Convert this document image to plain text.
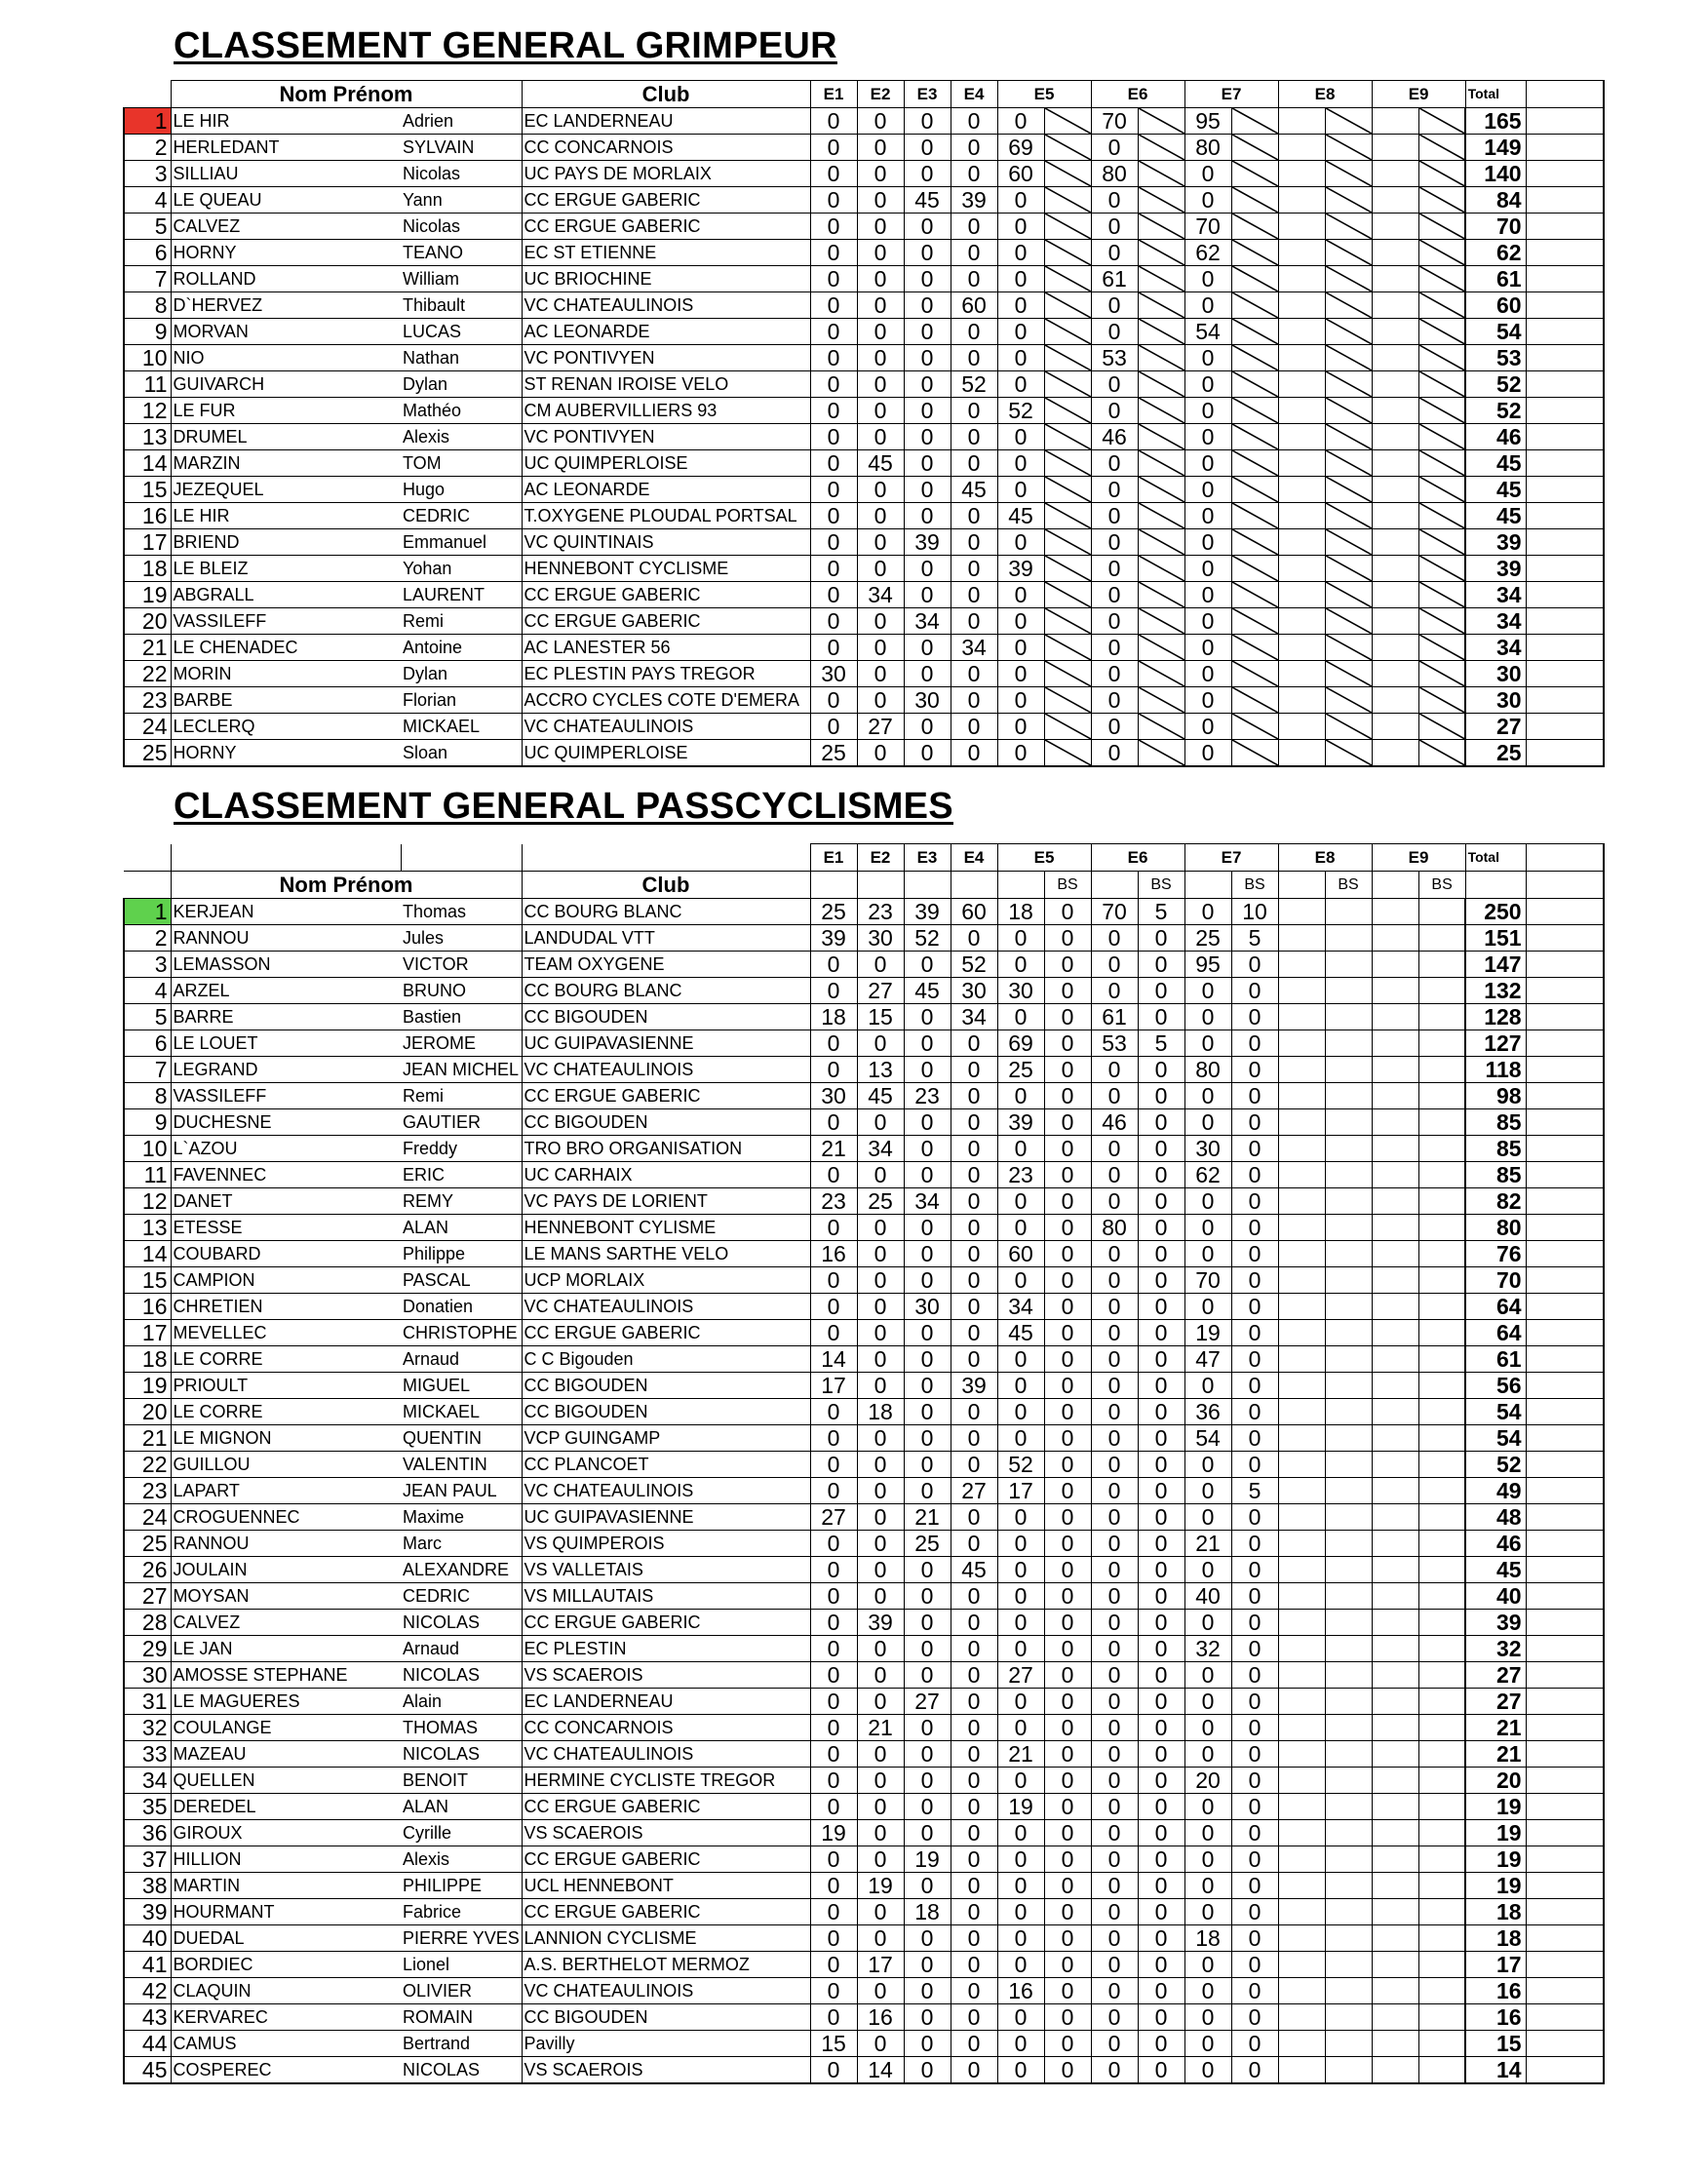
CLASSEMENT GENERAL GRIMPEUR
	Nom Prénom		Club	E1	E2	E3	E4	E5		E6		E7		E8		E9		Total	
1	LE HIR	Adrien	EC LANDERNEAU	0	0	0	0	0		70		95						165	
2	HERLEDANT	SYLVAIN	CC CONCARNOIS	0	0	0	0	69		0		80						149	
3	SILLIAU	Nicolas	UC PAYS DE MORLAIX	0	0	0	0	60		80		0						140	
4	LE QUEAU	Yann	CC ERGUE GABERIC	0	0	45	39	0		0		0						84	
5	CALVEZ	Nicolas	CC ERGUE GABERIC	0	0	0	0	0		0		70						70	
6	HORNY	TEANO	EC ST ETIENNE	0	0	0	0	0		0		62						62	
7	ROLLAND	William	UC BRIOCHINE	0	0	0	0	0		61		0						61	
8	D`HERVEZ	Thibault	VC CHATEAULINOIS	0	0	0	60	0		0		0						60	
9	MORVAN	LUCAS	AC LEONARDE	0	0	0	0	0		0		54						54	
10	NIO	Nathan	VC PONTIVYEN	0	0	0	0	0		53		0						53	
11	GUIVARCH	Dylan	ST RENAN IROISE VELO	0	0	0	52	0		0		0						52	
12	LE FUR	Mathéo	CM AUBERVILLIERS 93	0	0	0	0	52		0		0						52	
13	DRUMEL	Alexis	VC PONTIVYEN	0	0	0	0	0		46		0						46	
14	MARZIN	TOM	UC QUIMPERLOISE	0	45	0	0	0		0		0						45	
15	JEZEQUEL	Hugo	AC LEONARDE	0	0	0	45	0		0		0						45	
16	LE HIR	CEDRIC	T.OXYGENE PLOUDAL PORTSAL	0	0	0	0	45		0		0						45	
17	BRIEND	Emmanuel	VC QUINTINAIS	0	0	39	0	0		0		0						39	
18	LE BLEIZ	Yohan	HENNEBONT CYCLISME	0	0	0	0	39		0		0						39	
19	ABGRALL	LAURENT	CC ERGUE GABERIC	0	34	0	0	0		0		0						34	
20	VASSILEFF	Remi	CC ERGUE GABERIC	0	0	34	0	0		0		0						34	
21	LE CHENADEC	Antoine	AC LANESTER 56	0	0	0	34	0		0		0						34	
22	MORIN	Dylan	EC PLESTIN PAYS TREGOR	30	0	0	0	0		0		0						30	
23	BARBE	Florian	ACCRO CYCLES COTE D'EMERA	0	0	30	0	0		0		0						30	
24	LECLERQ	MICKAEL	VC CHATEAULINOIS	0	27	0	0	0		0		0						27	
25	HORNY	Sloan	UC QUIMPERLOISE	25	0	0	0	0		0		0						25	
CLASSEMENT GENERAL PASSCYCLISMES
				E1	E2	E3	E4	E5		E6		E7		E8		E9		Total	
	Nom Prénom		Club						BS		BS		BS		BS		BS		
1	KERJEAN	Thomas	CC BOURG BLANC	25	23	39	60	18	0	70	5	0	10					250	
2	RANNOU	Jules	LANDUDAL VTT	39	30	52	0	0	0	0	0	25	5					151	
3	LEMASSON	VICTOR	TEAM OXYGENE	0	0	0	52	0	0	0	0	95	0					147	
4	ARZEL	BRUNO	CC BOURG BLANC	0	27	45	30	30	0	0	0	0	0					132	
5	BARRE	Bastien	CC BIGOUDEN	18	15	0	34	0	0	61	0	0	0					128	
6	LE LOUET	JEROME	UC GUIPAVASIENNE	0	0	0	0	69	0	53	5	0	0					127	
7	LEGRAND	JEAN MICHEL	VC CHATEAULINOIS	0	13	0	0	25	0	0	0	80	0					118	
8	VASSILEFF	Remi	CC ERGUE GABERIC	30	45	23	0	0	0	0	0	0	0					98	
9	DUCHESNE	GAUTIER	CC BIGOUDEN	0	0	0	0	39	0	46	0	0	0					85	
10	L`AZOU	Freddy	TRO BRO ORGANISATION	21	34	0	0	0	0	0	0	30	0					85	
11	FAVENNEC	ERIC	UC CARHAIX	0	0	0	0	23	0	0	0	62	0					85	
12	DANET	REMY	VC PAYS DE LORIENT	23	25	34	0	0	0	0	0	0	0					82	
13	ETESSE	ALAN	HENNEBONT CYLISME	0	0	0	0	0	0	80	0	0	0					80	
14	COUBARD	Philippe	LE MANS SARTHE VELO	16	0	0	0	60	0	0	0	0	0					76	
15	CAMPION	PASCAL	UCP MORLAIX	0	0	0	0	0	0	0	0	70	0					70	
16	CHRETIEN	Donatien	VC CHATEAULINOIS	0	0	30	0	34	0	0	0	0	0					64	
17	MEVELLEC	CHRISTOPHE	CC ERGUE GABERIC	0	0	0	0	45	0	0	0	19	0					64	
18	LE CORRE	Arnaud	C C Bigouden	14	0	0	0	0	0	0	0	47	0					61	
19	PRIOULT	MIGUEL	CC BIGOUDEN	17	0	0	39	0	0	0	0	0	0					56	
20	LE CORRE	MICKAEL	CC BIGOUDEN	0	18	0	0	0	0	0	0	36	0					54	
21	LE MIGNON	QUENTIN	VCP GUINGAMP	0	0	0	0	0	0	0	0	54	0					54	
22	GUILLOU	VALENTIN	CC PLANCOET	0	0	0	0	52	0	0	0	0	0					52	
23	LAPART	JEAN PAUL	VC CHATEAULINOIS	0	0	0	27	17	0	0	0	0	5					49	
24	CROGUENNEC	Maxime	UC GUIPAVASIENNE	27	0	21	0	0	0	0	0	0	0					48	
25	RANNOU	Marc	VS QUIMPEROIS	0	0	25	0	0	0	0	0	21	0					46	
26	JOULAIN	ALEXANDRE	VS VALLETAIS	0	0	0	45	0	0	0	0	0	0					45	
27	MOYSAN	CEDRIC	VS MILLAUTAIS	0	0	0	0	0	0	0	0	40	0					40	
28	CALVEZ	NICOLAS	CC ERGUE GABERIC	0	39	0	0	0	0	0	0	0	0					39	
29	LE JAN	Arnaud	EC PLESTIN	0	0	0	0	0	0	0	0	32	0					32	
30	AMOSSE STEPHANE	NICOLAS	VS SCAEROIS	0	0	0	0	27	0	0	0	0	0					27	
31	LE MAGUERES	Alain	EC LANDERNEAU	0	0	27	0	0	0	0	0	0	0					27	
32	COULANGE	THOMAS	CC CONCARNOIS	0	21	0	0	0	0	0	0	0	0					21	
33	MAZEAU	NICOLAS	VC CHATEAULINOIS	0	0	0	0	21	0	0	0	0	0					21	
34	QUELLEN	BENOIT	HERMINE CYCLISTE TREGOR	0	0	0	0	0	0	0	0	20	0					20	
35	DEREDEL	ALAN	CC ERGUE GABERIC	0	0	0	0	19	0	0	0	0	0					19	
36	GIROUX	Cyrille	VS SCAEROIS	19	0	0	0	0	0	0	0	0	0					19	
37	HILLION	Alexis	CC ERGUE GABERIC	0	0	19	0	0	0	0	0	0	0					19	
38	MARTIN	PHILIPPE	UCL HENNEBONT	0	19	0	0	0	0	0	0	0	0					19	
39	HOURMANT	Fabrice	CC ERGUE GABERIC	0	0	18	0	0	0	0	0	0	0					18	
40	DUEDAL	PIERRE YVES	LANNION CYCLISME	0	0	0	0	0	0	0	0	18	0					18	
41	BORDIEC	Lionel	A.S. BERTHELOT MERMOZ	0	17	0	0	0	0	0	0	0	0					17	
42	CLAQUIN	OLIVIER	VC CHATEAULINOIS	0	0	0	0	16	0	0	0	0	0					16	
43	KERVAREC	ROMAIN	CC BIGOUDEN	0	16	0	0	0	0	0	0	0	0					16	
44	CAMUS	Bertrand	Pavilly	15	0	0	0	0	0	0	0	0	0					15	
45	COSPEREC	NICOLAS	VS SCAEROIS	0	14	0	0	0	0	0	0	0	0					14	
